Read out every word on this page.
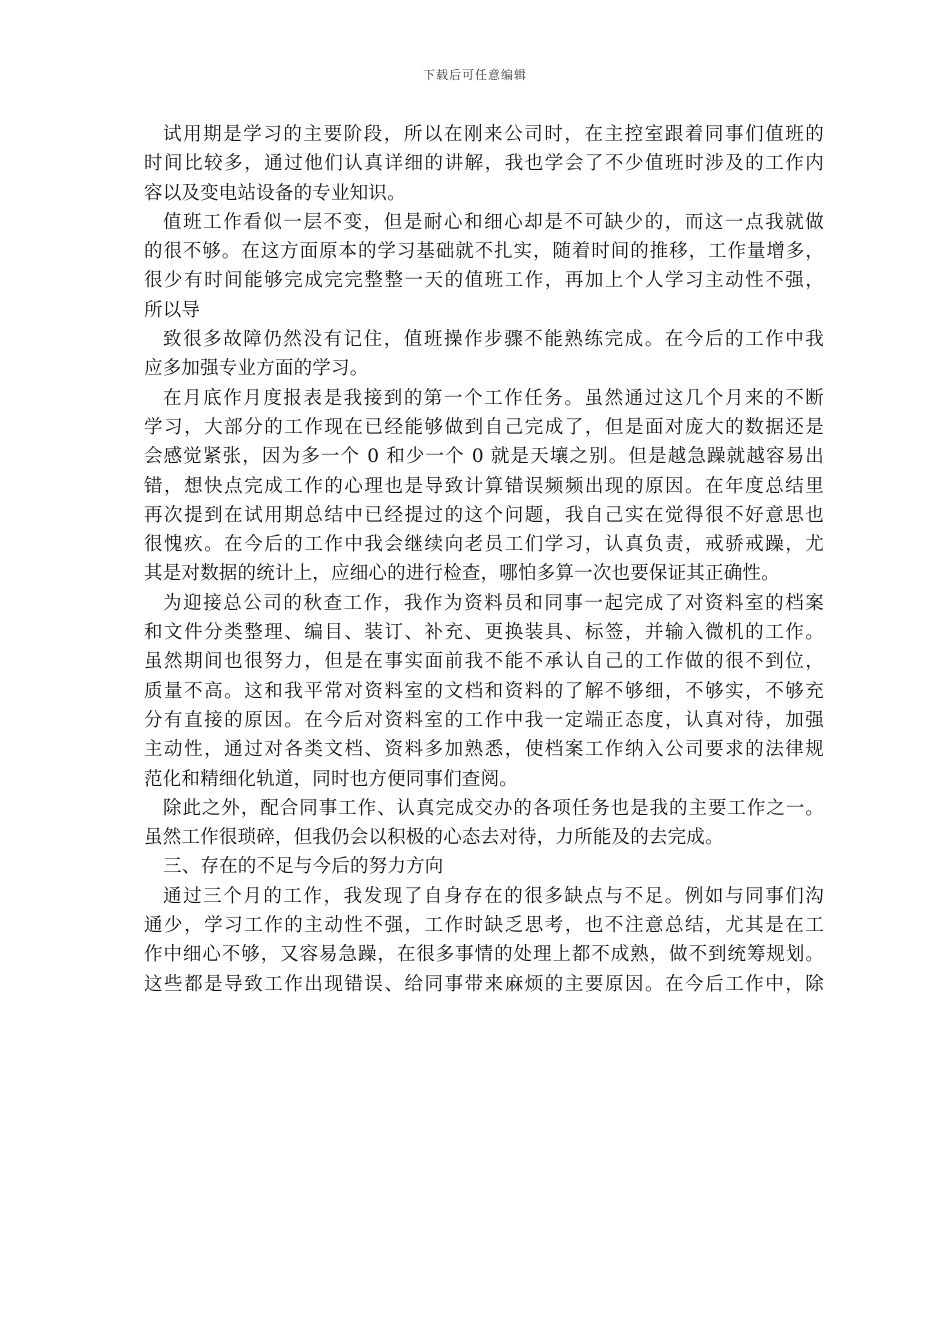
下载后可任意编辑
试用期是学习的主要阶段，所以在刚来公司时，在主控室跟着同事们值班的
时间比较多，通过他们认真详细的讲解，我也学会了不少值班时涉及的工作内
容以及变电站设备的专业知识。
值班工作看似一层不变，但是耐心和细心却是不可缺少的，而这一点我就做
的很不够。在这方面原本的学习基础就不扎实，随着时间的推移，工作量增多，
很少有时间能够完成完完整整一天的值班工作，再加上个人学习主动性不强，
所以导
致很多故障仍然没有记住，值班操作步骤不能熟练完成。在今后的工作中我
应多加强专业方面的学习。
在月底作月度报表是我接到的第一个工作任务。虽然通过这几个月来的不断
学习，大部分的工作现在已经能够做到自己完成了，但是面对庞大的数据还是
会感觉紧张，因为多一个 0 和少一个 0 就是天壤之别。但是越急躁就越容易出
错，想快点完成工作的心理也是导致计算错误频频出现的原因。在年度总结里
再次提到在试用期总结中已经提过的这个问题，我自己实在觉得很不好意思也
很愧疚。在今后的工作中我会继续向老员工们学习，认真负责，戒骄戒躁，尤
其是对数据的统计上，应细心的进行检查，哪怕多算一次也要保证其正确性。
为迎接总公司的秋查工作，我作为资料员和同事一起完成了对资料室的档案
和文件分类整理、编目、装订、补充、更换装具、标签，并输入微机的工作。
虽然期间也很努力，但是在事实面前我不能不承认自己的工作做的很不到位，
质量不高。这和我平常对资料室的文档和资料的了解不够细，不够实，不够充
分有直接的原因。在今后对资料室的工作中我一定端正态度，认真对待，加强
主动性，通过对各类文档、资料多加熟悉，使档案工作纳入公司要求的法律规
范化和精细化轨道，同时也方便同事们查阅。
除此之外，配合同事工作、认真完成交办的各项任务也是我的主要工作之一。
虽然工作很琐碎，但我仍会以积极的心态去对待，力所能及的去完成。
三、存在的不足与今后的努力方向
通过三个月的工作，我发现了自身存在的很多缺点与不足。例如与同事们沟
通少，学习工作的主动性不强，工作时缺乏思考，也不注意总结，尤其是在工
作中细心不够，又容易急躁，在很多事情的处理上都不成熟，做不到统筹规划。
这些都是导致工作出现错误、给同事带来麻烦的主要原因。在今后工作中，除
